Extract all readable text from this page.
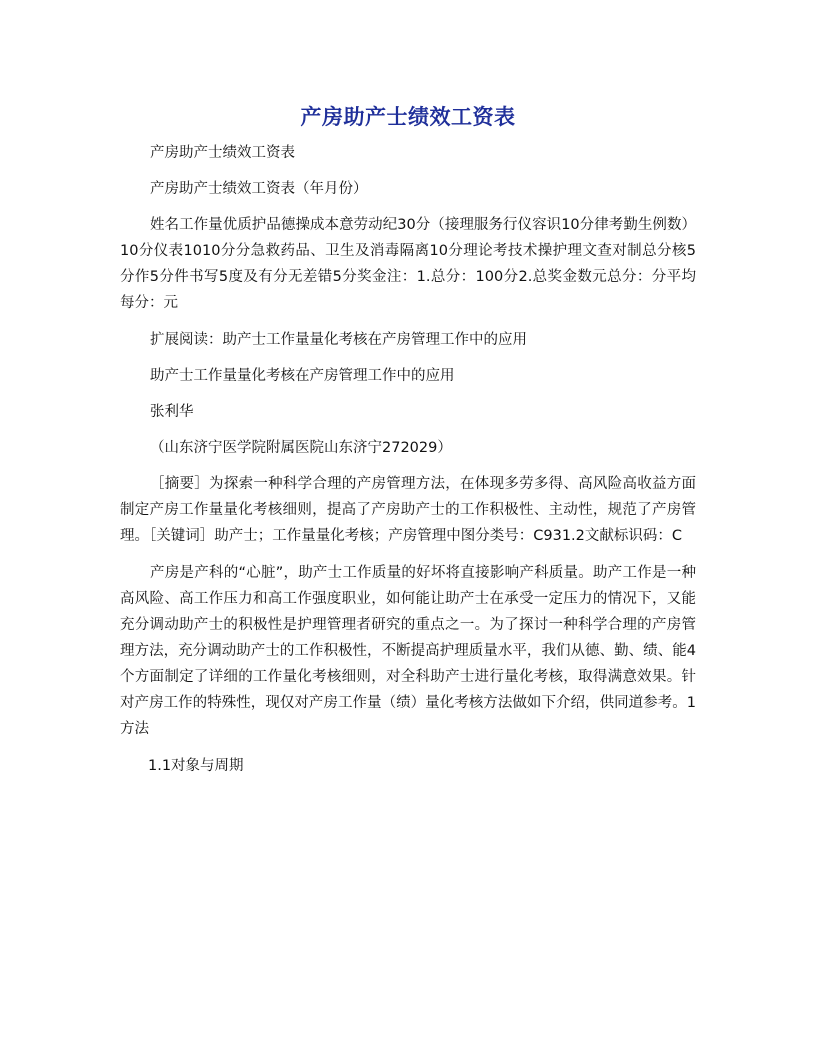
产房助产士绩效工资表

产房助产士绩效工资表

产房助产士绩效工资表（年月份）

姓名工作量优质护品德操成本意劳动纪30分（接理服务行仪容识10分律考勤生例数）10分仪表1010分分急救药品、卫生及消毒隔离10分理论考技术操护理文查对制总分核5分作5分件书写5度及有分无差错5分奖金注：1.总分：100分2.总奖金数元总分：分平均每分：元

扩展阅读：助产士工作量量化考核在产房管理工作中的应用

助产士工作量量化考核在产房管理工作中的应用

张利华

（山东济宁医学院附属医院山东济宁272029）

［摘要］为探索一种科学合理的产房管理方法，在体现多劳多得、高风险高收益方面制定产房工作量量化考核细则，提高了产房助产士的工作积极性、主动性，规范了产房管理。［关键词］助产士；工作量量化考核；产房管理中图分类号：C931.2文献标识码：C

产房是产科的“心脏”，助产士工作质量的好坏将直接影响产科质量。助产工作是一种高风险、高工作压力和高工作强度职业，如何能让助产士在承受一定压力的情况下，又能充分调动助产士的积极性是护理管理者研究的重点之一。为了探讨一种科学合理的产房管理方法，充分调动助产士的工作积极性，不断提高护理质量水平，我们从德、勤、绩、能4个方面制定了详细的工作量化考核细则，对全科助产士进行量化考核，取得满意效果。针对产房工作的特殊性，现仅对产房工作量（绩）量化考核方法做如下介绍，供同道参考。1方法

1.1对象与周期
